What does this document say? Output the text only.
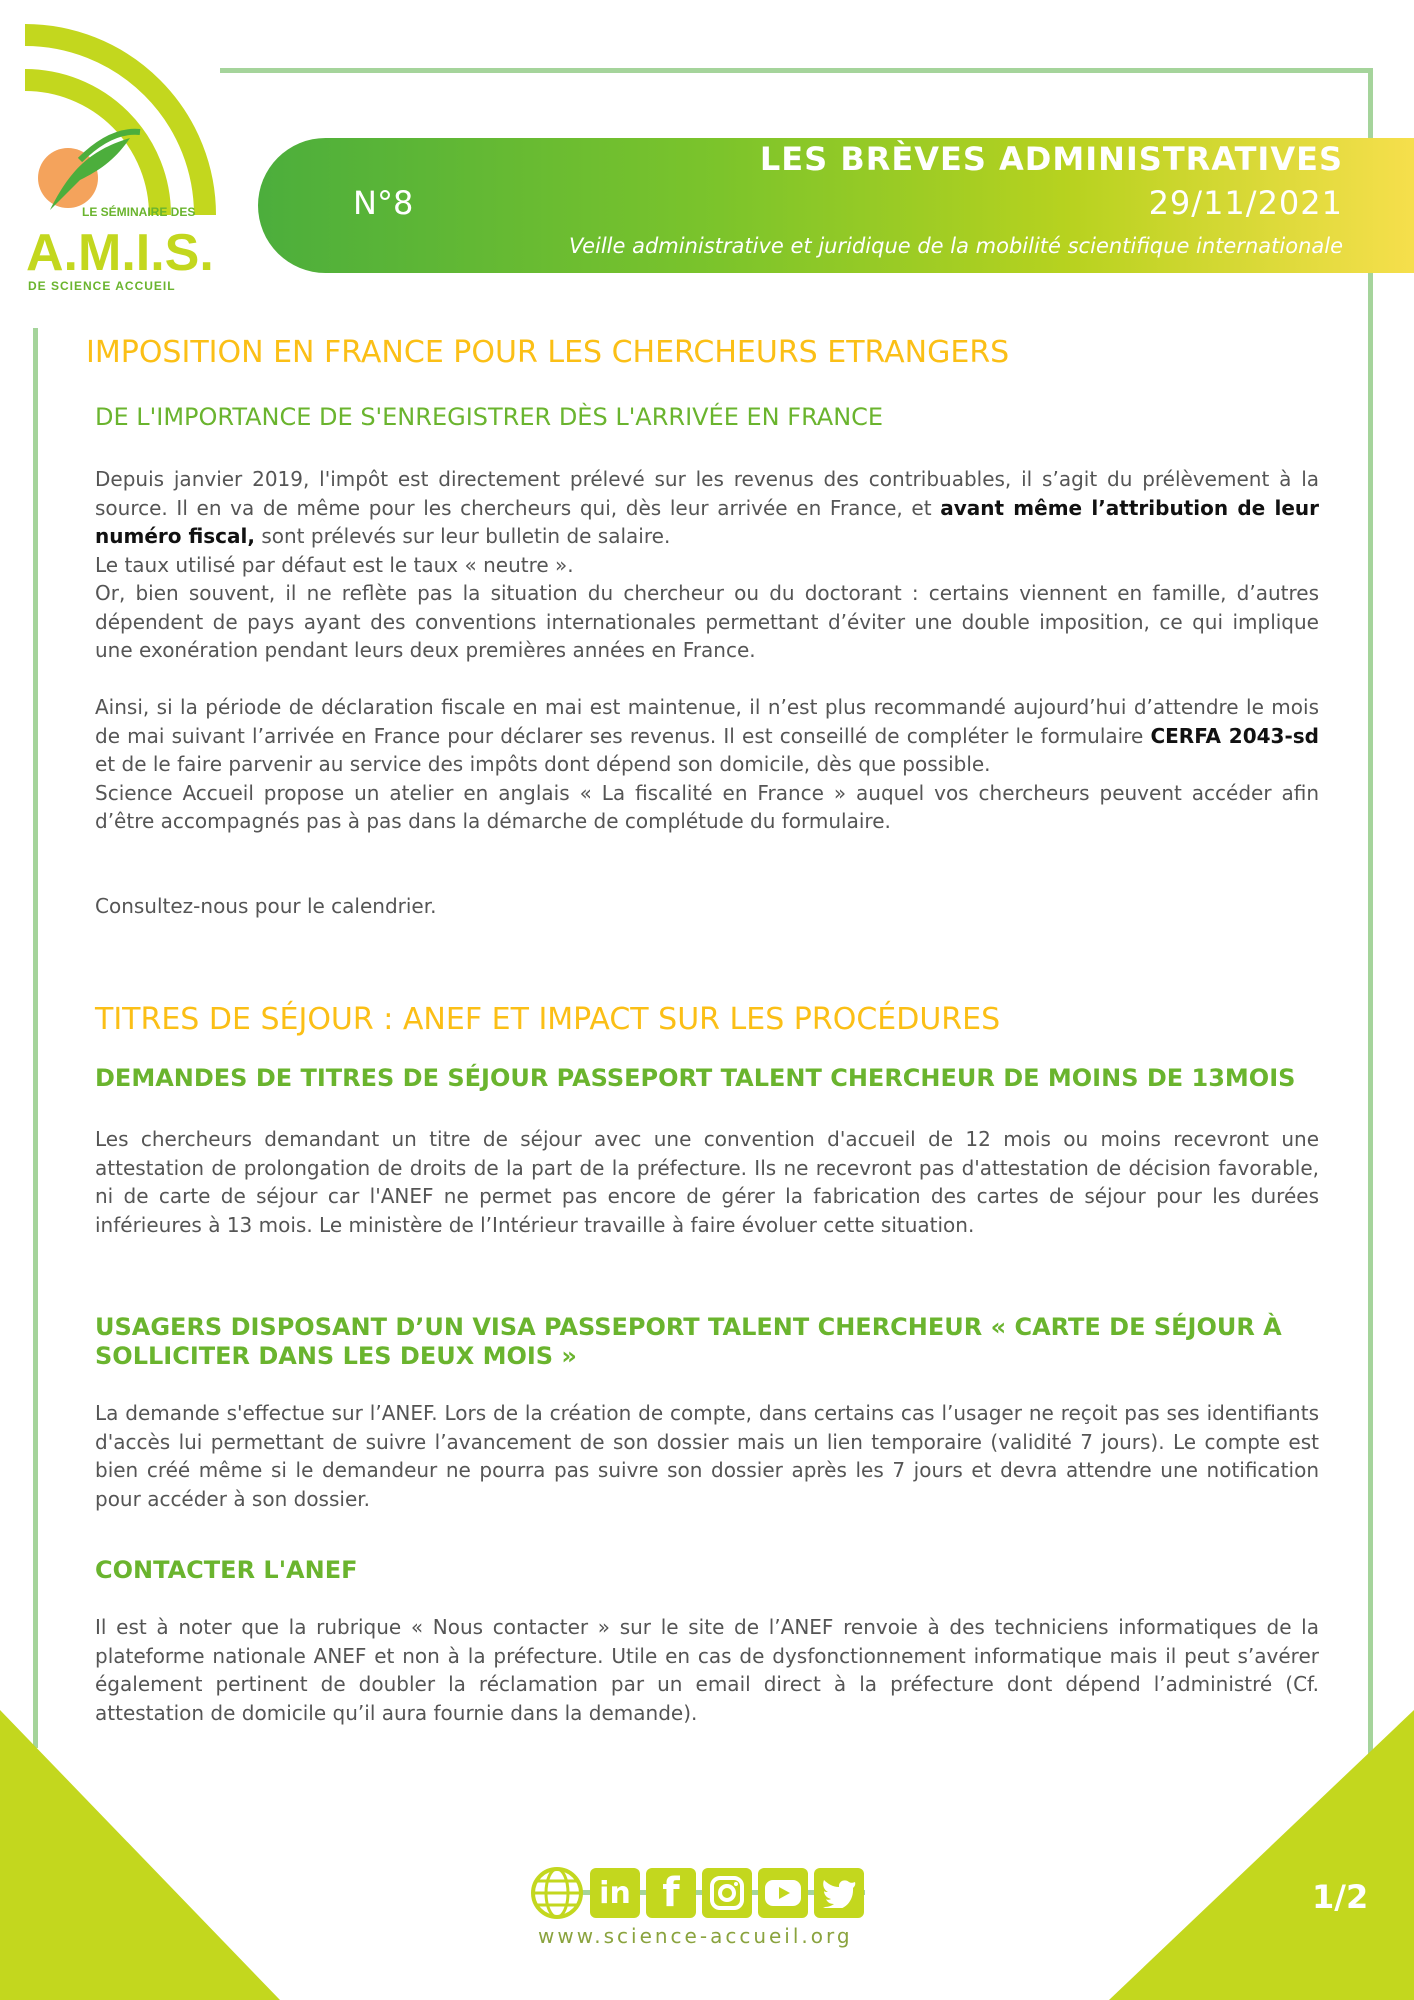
LE SÉMINAIRE DES
A.M.I.S.
DE SCIENCE ACCUEIL
N°8
LES BRÈVES ADMINISTRATIVES
29/11/2021
Veille administrative et juridique de la mobilité scientifique internationale
IMPOSITION EN FRANCE POUR LES CHERCHEURS ETRANGERS
DE L'IMPORTANCE DE S'ENREGISTRER DÈS L'ARRIVÉE EN FRANCE

Depuis janvier 2019, l'impôt est directement prélevé sur les revenus des contribuables, il s’agit du prélèvement à la source. Il en va de même pour les chercheurs qui, dès leur arrivée en France, et avant même l’attribution de leur numéro fiscal, sont prélevés sur leur bulletin de salaire.

Le taux utilisé par défaut est le taux « neutre ».

Or, bien souvent, il ne reflète pas la situation du chercheur ou du doctorant : certains viennent en famille, d’autres dépendent de pays ayant des conventions internationales permettant d’éviter une double imposition, ce qui implique une exonération pendant leurs deux premières années en France.

Ainsi, si la période de déclaration fiscale en mai est maintenue, il n’est plus recommandé aujourd’hui d’attendre le mois de mai suivant l’arrivée en France pour déclarer ses revenus. Il est conseillé de compléter le formulaire CERFA 2043-sd et de le faire parvenir au service des impôts dont dépend son domicile, dès que possible.

Science Accueil propose un atelier en anglais « La fiscalité en France » auquel vos chercheurs peuvent accéder afin d’être accompagnés pas à pas dans la démarche de complétude du formulaire.

Consultez-nous pour le calendrier.
TITRES DE SÉJOUR : ANEF ET IMPACT SUR LES PROCÉDURES
DEMANDES DE TITRES DE SÉJOUR PASSEPORT TALENT CHERCHEUR DE MOINS DE 13MOIS
Les chercheurs demandant un titre de séjour avec une convention d'accueil de 12 mois ou moins recevront une attestation de prolongation de droits de la part de la préfecture. Ils ne recevront pas d'attestation de décision favorable, ni de carte de séjour car l'ANEF ne permet pas encore de gérer la fabrication des cartes de séjour pour les durées inférieures à 13 mois. Le ministère de l’Intérieur travaille à faire évoluer cette situation.
USAGERS DISPOSANT D’UN VISA PASSEPORT TALENT CHERCHEUR « CARTE DE SÉJOUR À SOLLICITER DANS LES DEUX MOIS »
La demande s'effectue sur l’ANEF. Lors de la création de compte, dans certains cas l’usager ne reçoit pas ses identifiants d'accès lui permettant de suivre l’avancement de son dossier mais un lien temporaire (validité 7 jours). Le compte est bien créé même si le demandeur ne pourra pas suivre son dossier après les 7 jours et devra attendre une notification pour accéder à son dossier.
CONTACTER L'ANEF
Il est à noter que la rubrique « Nous contacter » sur le site de l’ANEF renvoie à des techniciens informatiques de la plateforme nationale ANEF et non à la préfecture. Utile en cas de dysfonctionnement informatique mais il peut s’avérer également pertinent de doubler la réclamation par un email direct à la préfecture dont dépend l’administré (Cf. attestation de domicile qu’il aura fournie dans la demande).
in f
www.science-accueil.org
1/2
